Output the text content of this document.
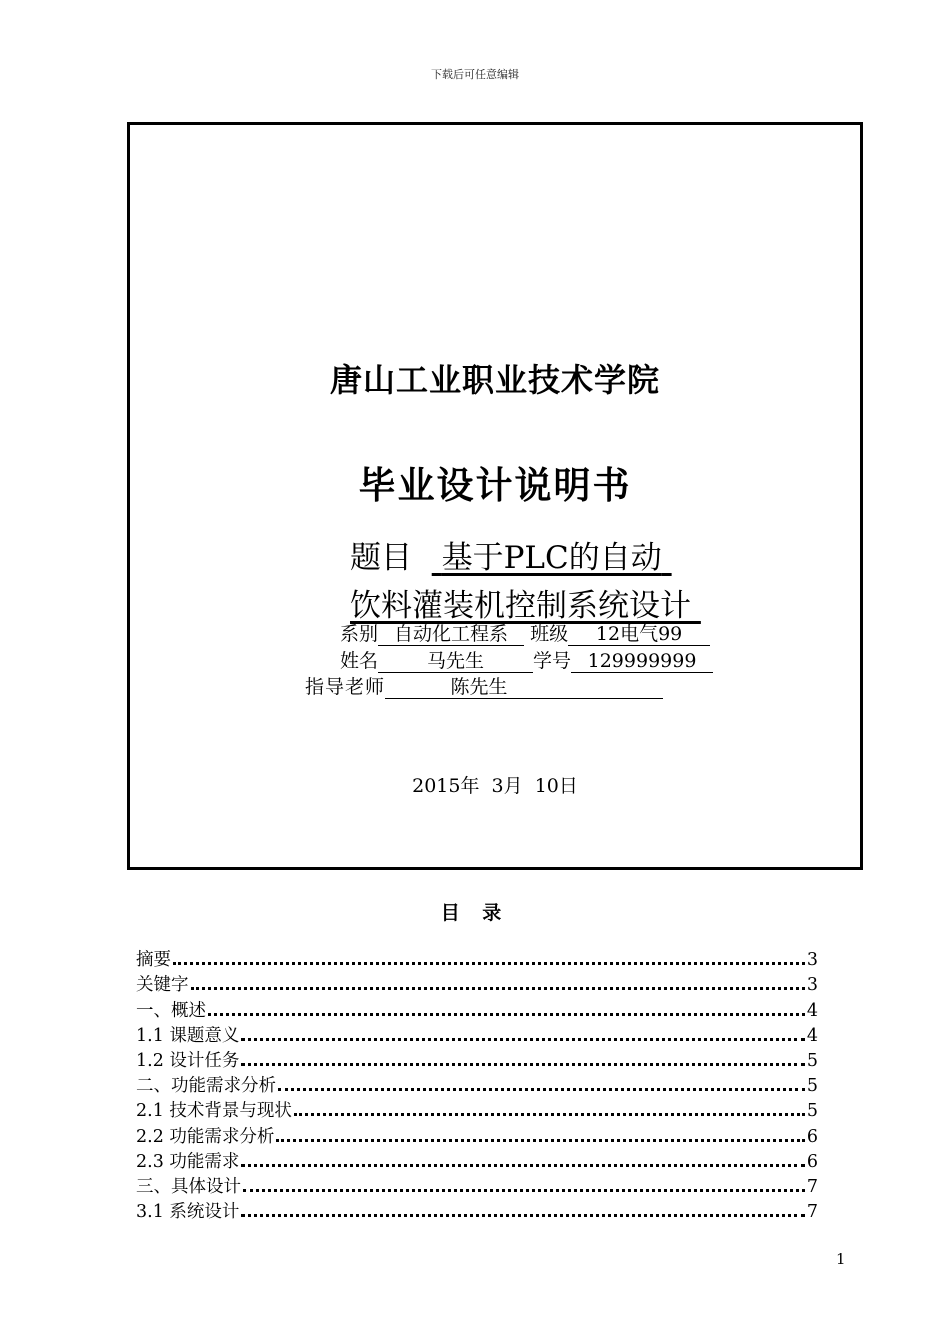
下载后可任意编辑
唐山工业职业技术学院
毕业设计说明书
题目 基于PLC的自动
饮料灌装机控制系统设计
系别 自动化工程系 班级 12电气99
姓名	马先生	学号 129999999
指导老师	陈先生
2015年  3月  10日
目 录
摘要	3
关键字	3
一、概述	4
1.1 课题意义	4
1.2 设计任务	5
二、功能需求分析	5
2.1 技术背景与现状	5
2.2 功能需求分析	6
2.3 功能需求	6
三、具体设计	7
3.1 系统设计	7
1
